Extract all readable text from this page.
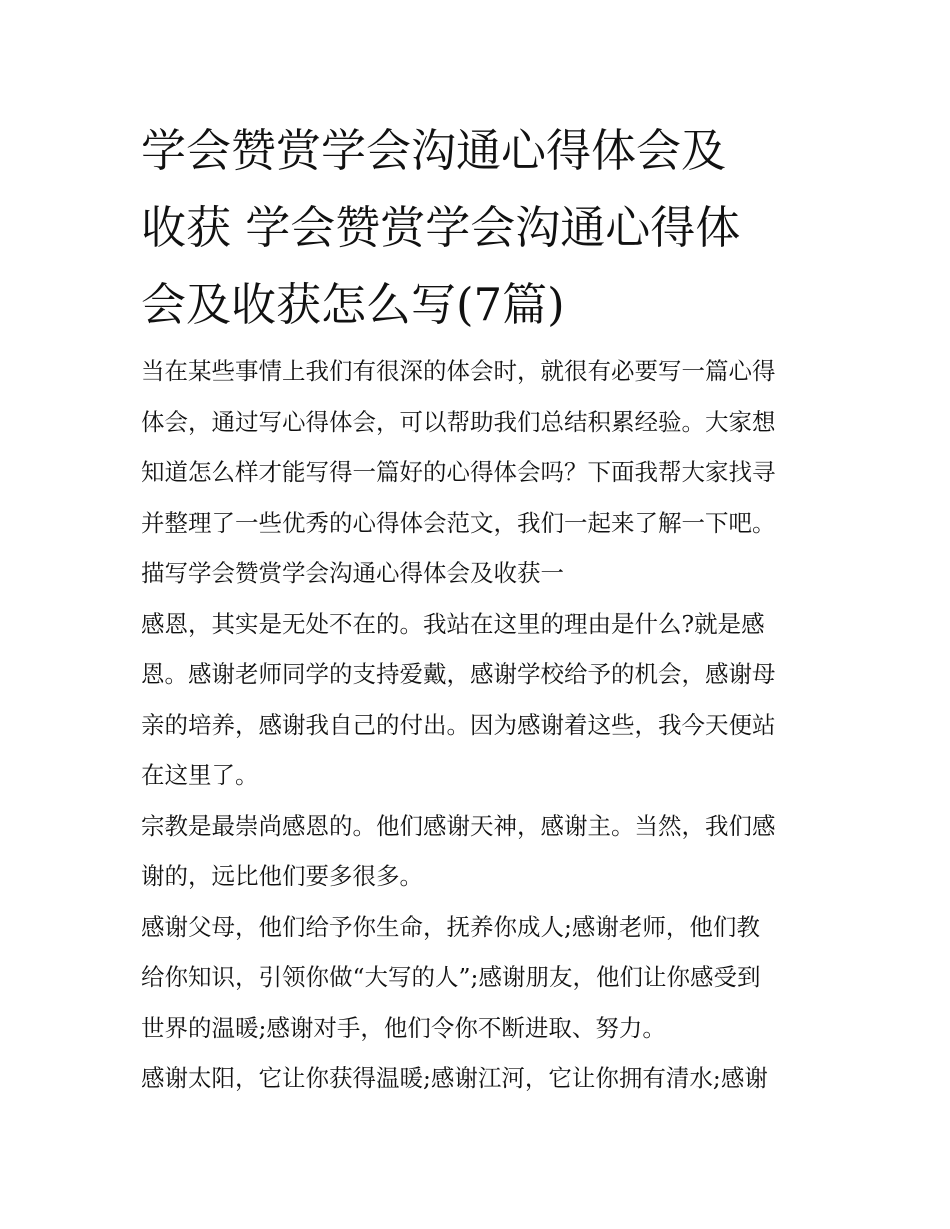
学会赞赏学会沟通心得体会及
收获 学会赞赏学会沟通心得体
会及收获怎么写(7篇)
当在某些事情上我们有很深的体会时，就很有必要写一篇心得
体会，通过写心得体会，可以帮助我们总结积累经验。大家想
知道怎么样才能写得一篇好的心得体会吗？下面我帮大家找寻
并整理了一些优秀的心得体会范文，我们一起来了解一下吧。
描写学会赞赏学会沟通心得体会及收获一
感恩，其实是无处不在的。我站在这里的理由是什么?就是感
恩。感谢老师同学的支持爱戴，感谢学校给予的机会，感谢母
亲的培养，感谢我自己的付出。因为感谢着这些，我今天便站
在这里了。
宗教是最崇尚感恩的。他们感谢天神，感谢主。当然，我们感
谢的，远比他们要多很多。
感谢父母，他们给予你生命，抚养你成人;感谢老师，他们教
给你知识，引领你做“大写的人”;感谢朋友，他们让你感受到
世界的温暖;感谢对手，他们令你不断进取、努力。
感谢太阳，它让你获得温暖;感谢江河，它让你拥有清水;感谢
